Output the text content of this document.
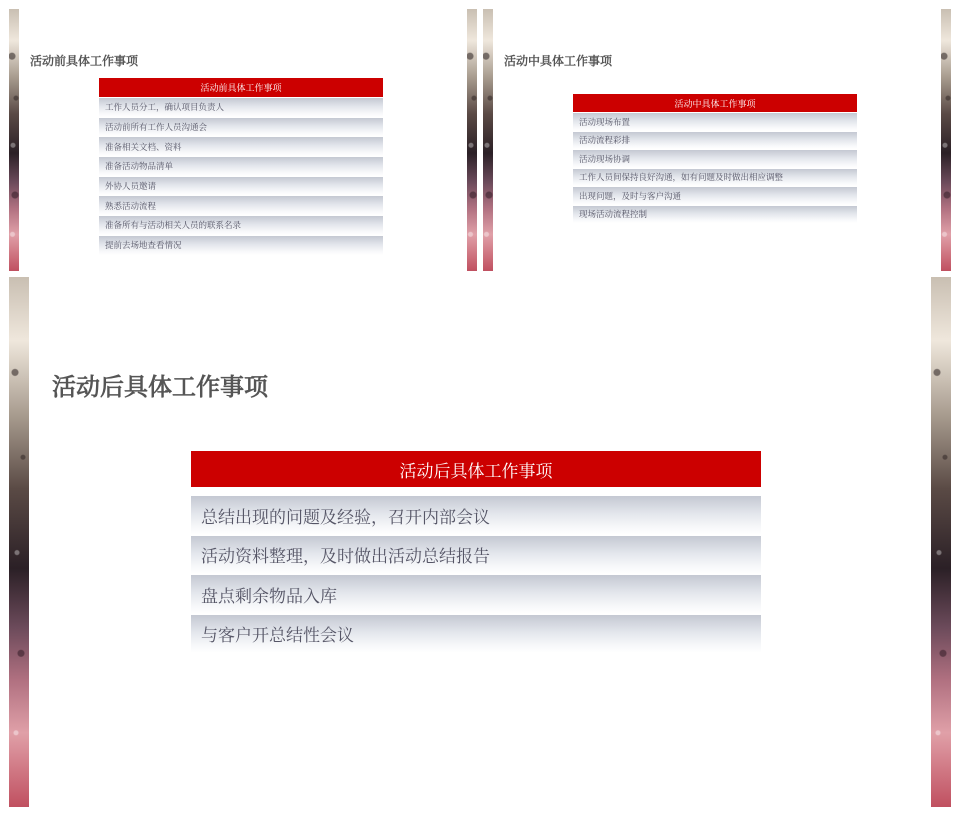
活动前具体工作事项
活动前具体工作事项
工作人员分工，确认项目负责人
活动前所有工作人员沟通会
准备相关文档、资料
准备活动物品清单
外协人员邀请
熟悉活动流程
准备所有与活动相关人员的联系名录
提前去场地查看情况
活动中具体工作事项
活动中具体工作事项
活动现场布置
活动流程彩排
活动现场协调
工作人员间保持良好沟通，如有问题及时做出相应调整
出现问题，及时与客户沟通
现场活动流程控制
活动后具体工作事项
活动后具体工作事项
总结出现的问题及经验，召开内部会议
活动资料整理，及时做出活动总结报告
盘点剩余物品入库
与客户开总结性会议
